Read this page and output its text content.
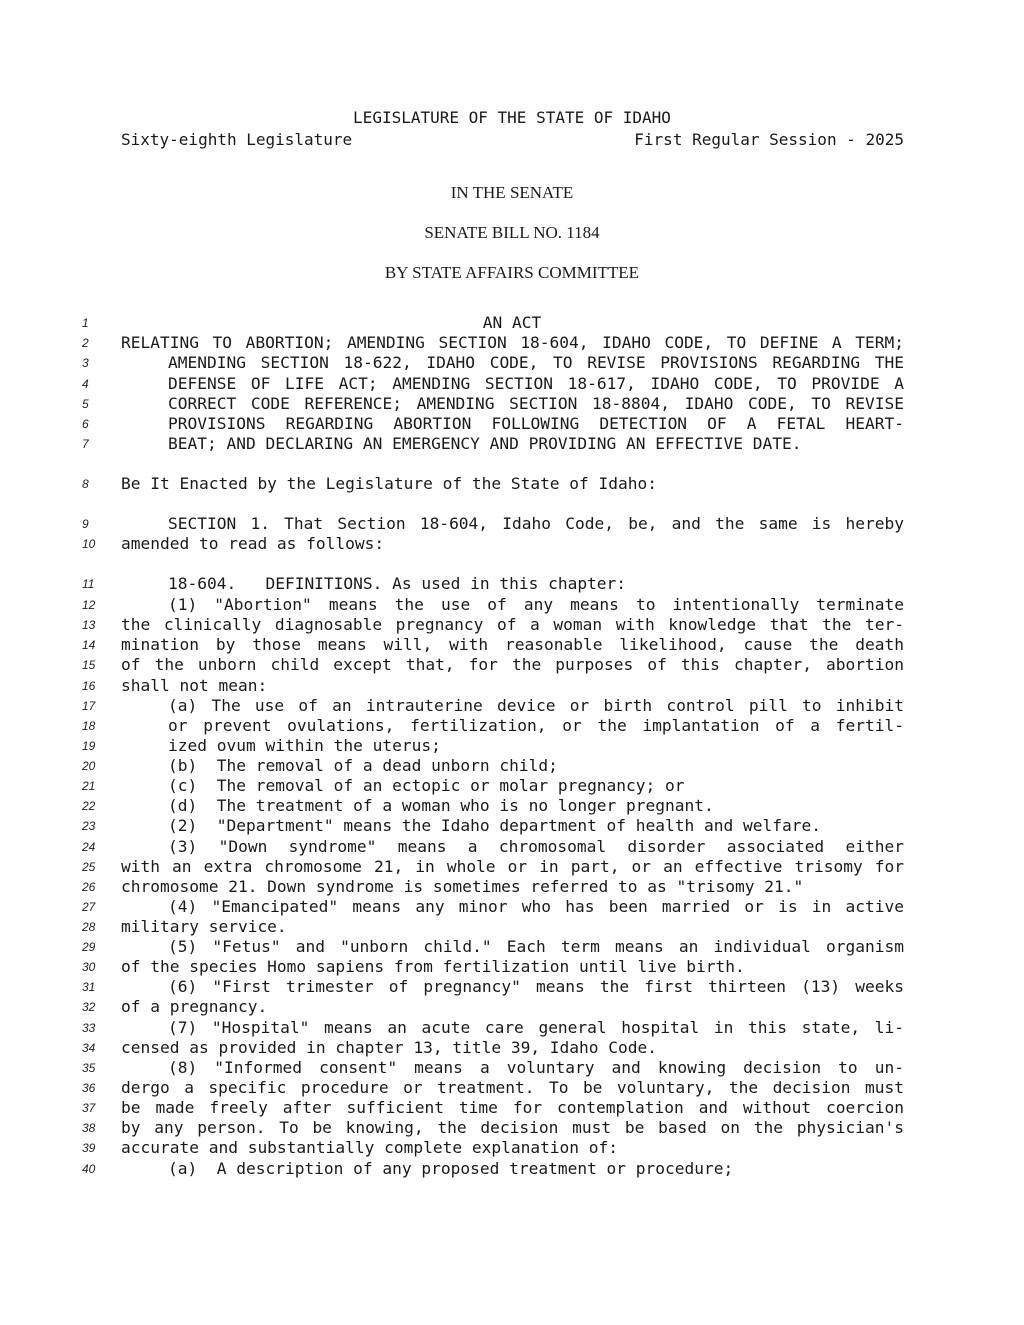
LEGISLATURE OF THE STATE OF IDAHO
Sixty-eighth Legislature	First Regular Session - 2025
IN THE SENATE
SENATE BILL NO. 1184
BY STATE AFFAIRS COMMITTEE
1	AN ACT
2	RELATING TO ABORTION; AMENDING SECTION 18-604, IDAHO CODE, TO DEFINE A TERM;
3	AMENDING SECTION 18-622, IDAHO CODE, TO REVISE PROVISIONS REGARDING THE
4	DEFENSE OF LIFE ACT; AMENDING SECTION 18-617, IDAHO CODE, TO PROVIDE A
5	CORRECT CODE REFERENCE; AMENDING SECTION 18-8804, IDAHO CODE, TO REVISE
6	PROVISIONS REGARDING ABORTION FOLLOWING DETECTION OF A FETAL HEART-
7	BEAT; AND DECLARING AN EMERGENCY AND PROVIDING AN EFFECTIVE DATE.
8	Be It Enacted by the Legislature of the State of Idaho:
9	SECTION 1. That Section 18-604, Idaho Code, be, and the same is hereby
10	amended to read as follows:
11	18-604.   DEFINITIONS. As used in this chapter:
12	(1) "Abortion" means the use of any means to intentionally terminate
13	the clinically diagnosable pregnancy of a woman with knowledge that the ter-
14	mination by those means will, with reasonable likelihood, cause the death
15	of the unborn child except that, for the purposes of this chapter, abortion
16	shall not mean:
17	(a) The use of an intrauterine device or birth control pill to inhibit
18	or prevent ovulations, fertilization, or the implantation of a fertil-
19	ized ovum within the uterus;
20	(b)  The removal of a dead unborn child;
21	(c)  The removal of an ectopic or molar pregnancy; or
22	(d)  The treatment of a woman who is no longer pregnant.
23	(2)  "Department" means the Idaho department of health and welfare.
24	(3) "Down syndrome" means a chromosomal disorder associated either
25	with an extra chromosome 21, in whole or in part, or an effective trisomy for
26	chromosome 21. Down syndrome is sometimes referred to as "trisomy 21."
27	(4) "Emancipated" means any minor who has been married or is in active
28	military service.
29	(5) "Fetus" and "unborn child." Each term means an individual organism
30	of the species Homo sapiens from fertilization until live birth.
31	(6) "First trimester of pregnancy" means the first thirteen (13) weeks
32	of a pregnancy.
33	(7) "Hospital" means an acute care general hospital in this state, li-
34	censed as provided in chapter 13, title 39, Idaho Code.
35	(8) "Informed consent" means a voluntary and knowing decision to un-
36	dergo a specific procedure or treatment. To be voluntary, the decision must
37	be made freely after sufficient time for contemplation and without coercion
38	by any person. To be knowing, the decision must be based on the physician's
39	accurate and substantially complete explanation of:
40	(a)  A description of any proposed treatment or procedure;
